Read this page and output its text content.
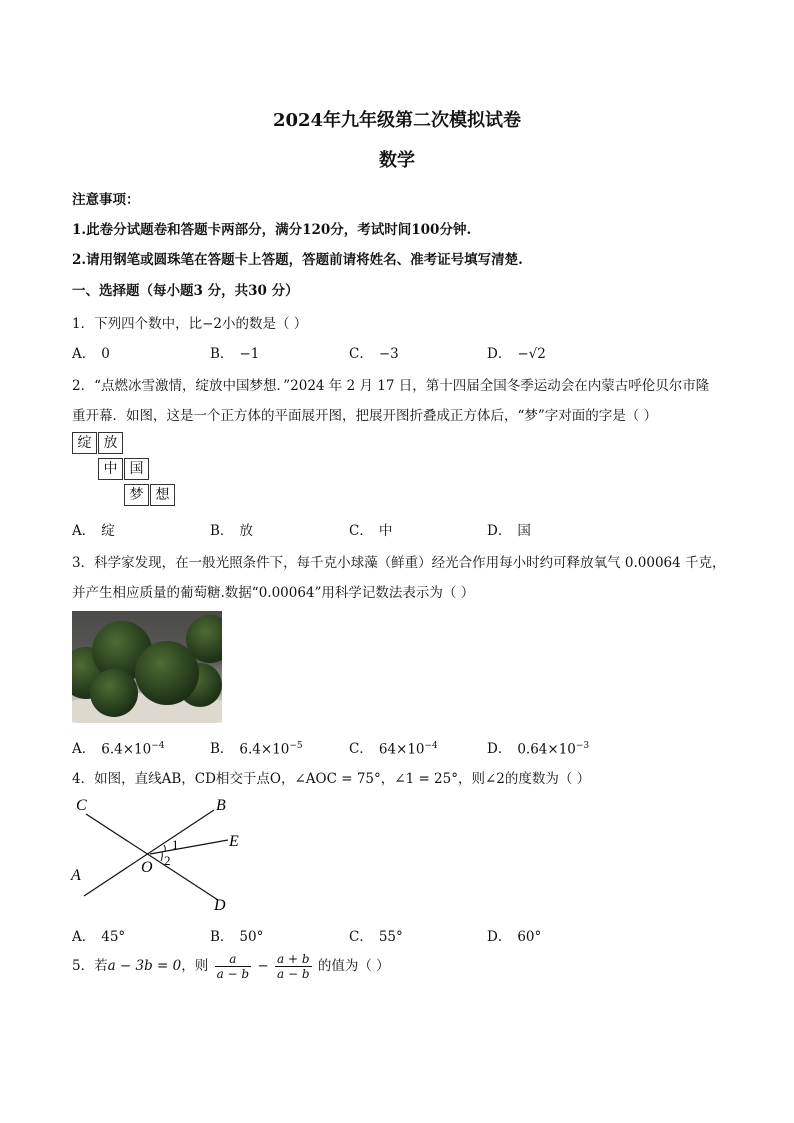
2024年九年级第二次模拟试卷
数学
注意事项：
1.此卷分试题卷和答题卡两部分，满分120分，考试时间100分钟.
2.请用钢笔或圆珠笔在答题卡上答题，答题前请将姓名、准考证号填写清楚.
一、选择题（每小题3 分，共30 分）
1．下列四个数中，比−2小的数是（ ）
A． 0	B． −1	C． −3	D． −√2
2．“点燃冰雪激情，绽放中国梦想．”2024 年 2 月 17 日，第十四届全国冬季运动会在内蒙古呼伦贝尔市隆
重开幕．如图，这是一个正方体的平面展开图，把展开图折叠成正方体后，“梦”字对面的字是（ ）
绽 放
中 国
梦 想
A． 绽	B． 放	C． 中	D． 国
3．科学家发现，在一般光照条件下，每千克小球藻（鲜重）经光合作用每小时约可释放氧气 0.00064 千克，
并产生相应质量的葡萄糖.数据“0.00064”用科学记数法表示为（ ）
A． $6.4\times 10^{-4}$	B． $6.4\times 10^{-5}$	C． $64\times 10^{-4}$	D． $0.64\times 10^{-3}$
4．如图，直线AB，CD相交于点O，∠AOC = 75°，∠1 = 25°，则∠2的度数为（ ）
C	B
E
O
A
D
1
2
A． 45°	B． 50°	C． 55°	D． 60°
5．若a − 3b = 0，则 $\frac{a}{a - b} - \frac{a + b}{a - b}$ 的值为（ ）
